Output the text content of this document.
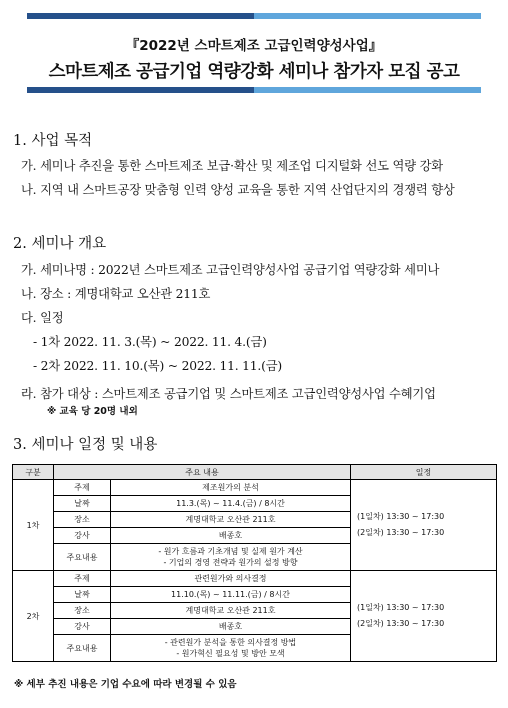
『2022년 스마트제조 고급인력양성사업』
스마트제조 공급기업 역량강화 세미나 참가자 모집 공고
1. 사업 목적
가. 세미나 추진을 통한 스마트제조 보급·확산 및 제조업 디지털화 선도 역량 강화
나. 지역 내 스마트공장 맞춤형 인력 양성 교육을 통한 지역 산업단지의 경쟁력 향상
2. 세미나 개요
가. 세미나명 : 2022년 스마트제조 고급인력양성사업 공급기업 역량강화 세미나
나. 장소 : 계명대학교 오산관 211호
다. 일정
- 1차 2022. 11. 3.(목) ~ 2022. 11. 4.(금)
- 2차 2022. 11. 10.(목) ~ 2022. 11. 11.(금)
라. 참가 대상 : 스마트제조 공급기업 및 스마트제조 고급인력양성사업 수혜기업
※ 교육 당 20명 내외
3. 세미나 일정 및 내용
구분	주요 내용		일정
1차	주제	제조원가의 분석	(1일차) 13:30 ~ 17:30
(2일차) 13:30 ~ 17:30

	날짜	11.3.(목) ~ 11.4.(금) / 8시간	
	장소	계명대학교 오산관 211호	
	강사	배종호	
	주요내용	- 원가 흐름과 기초개념 및 실제 원가 계산
- 기업의 경영 전략과 원가의 설정 방향	

2차	주제	관련원가와 의사결정	(1일차) 13:30 ~ 17:30
(2일차) 13:30 ~ 17:30

	날짜	11.10.(목) ~ 11.11.(금) / 8시간	
	장소	계명대학교 오산관 211호	
	강사	배종호	
	주요내용	- 관련원가 분석을 통한 의사결정 방법
- 원가혁신 필요성 및 방안 모색	
※ 세부 추진 내용은 기업 수요에 따라 변경될 수 있음
